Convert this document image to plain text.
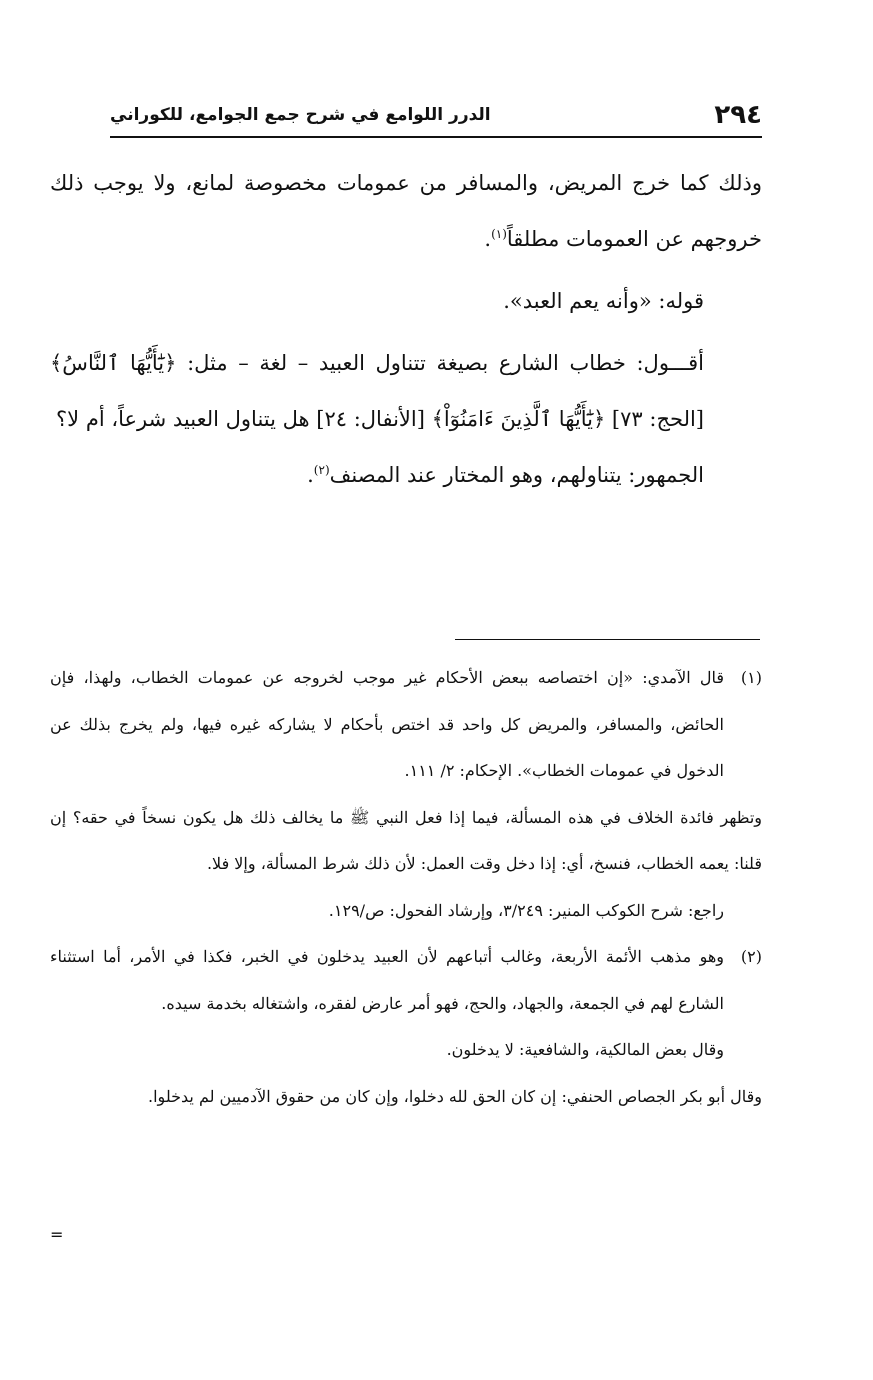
٢٩٤
الدرر اللوامع في شرح جمع الجوامع، للكوراني

وذلك كما خرج المريض، والمسافر من عمومات مخصوصة لمانع، ولا يوجب ذلك خروجهم عن العمومات مطلقاً$^{(١)}$.

قوله: «وأنه يعم العبد».

أقـــول: خطاب الشارع بصيغة تتناول العبيد – لغة – مثل: ﴿يَٰٓأَيُّهَا ٱلنَّاسُ﴾ [الحج: ٧٣] ﴿يَٰٓأَيُّهَا ٱلَّذِينَ ءَامَنُوٓاْ﴾ [الأنفال: ٢٤] هل يتناول العبيد شرعاً، أم لا؟

الجمهور: يتناولهم، وهو المختار عند المصنف$^{(٢)}$.

(١)

قال الآمدي: «إن اختصاصه ببعض الأحكام غير موجب لخروجه عن عمومات الخطاب، ولهذا، فإن الحائض، والمسافر، والمريض كل واحد قد اختص بأحكام لا يشاركه غيره فيها، ولم يخرج بذلك عن الدخول في عمومات الخطاب». الإحكام: ٢/ ١١١.

وتظهر فائدة الخلاف في هذه المسألة، فيما إذا فعل النبي ﷺ ما يخالف ذلك هل يكون نسخاً في حقه؟ إن قلنا: يعمه الخطاب، فنسخ، أي: إذا دخل وقت العمل: لأن ذلك شرط المسألة، وإلا فلا.

راجع: شرح الكوكب المنير: ٣/٢٤٩، وإرشاد الفحول: ص/١٢٩.

(٢)

وهو مذهب الأئمة الأربعة، وغالب أتباعهم لأن العبيد يدخلون في الخبر، فكذا في الأمر، أما استثناء الشارع لهم في الجمعة، والجهاد، والحج، فهو أمر عارض لفقره، واشتغاله بخدمة سيده.

وقال بعض المالكية، والشافعية: لا يدخلون.

وقال أبو بكر الجصاص الحنفي: إن كان الحق لله دخلوا، وإن كان من حقوق الآدميين لم يدخلوا.

=
